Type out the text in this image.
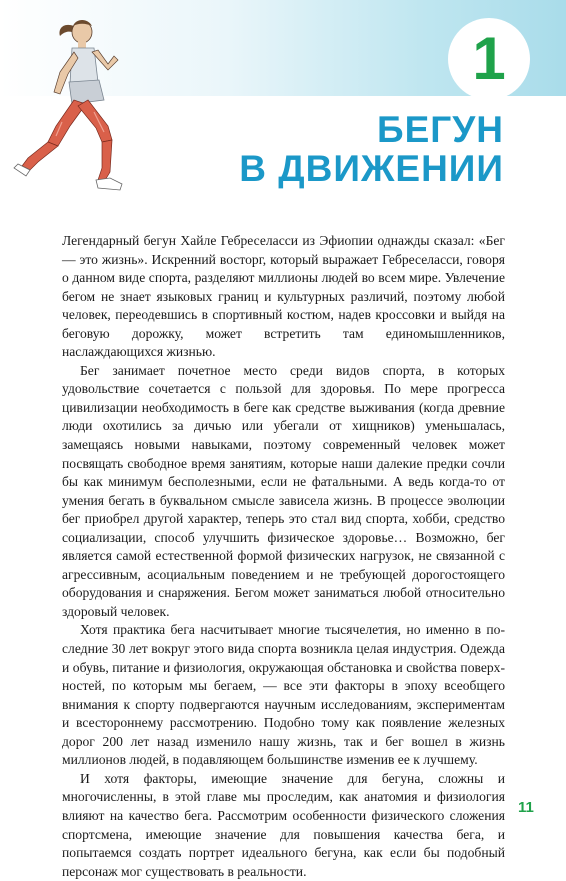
1
БЕГУН
В ДВИЖЕНИИ

Легендарный бегун Хайле Гебреселасси из Эфиопии однажды сказал: «Бег — это жизнь». Искренний восторг, который выражает Гебреселасси, говоря о данном виде спорта, разделяют миллионы людей во всем мире. Увлечение бегом не знает языковых границ и культурных различий, поэтому любой человек, переодевшись в спортивный костюм, надев кроссовки и выйдя на беговую дорожку, может встретить там единомышленников, наслаждающихся жизнью.

Бег занимает почетное место среди видов спорта, в которых удовольствие сочетается с пользой для здоровья. По мере прогресса цивилизации необходимость в беге как средстве выживания (когда древние люди охотились за дичью или убегали от хищников) уменьшалась, замещаясь новыми навыками, поэтому современный человек может посвящать свободное время занятиям, которые наши далекие предки сочли бы как минимум бесполезными, если не фатальными. А ведь когда-то от умения бегать в буквальном смысле зависела жизнь. В процессе эволюции бег приобрел другой характер, теперь это стал вид спорта, хобби, средство социализации, способ улучшить физическое здоровье… Возможно, бег является самой естественной формой физических нагрузок, не связанной с агрессивным, асоциальным поведением и не требующей дорогостоящего оборудования и снаряжения. Бегом может заниматься любой относительно здоровый человек.

Хотя практика бега насчитывает многие тысячелетия, но именно в последние 30 лет вокруг этого вида спорта возникла целая индустрия. Одежда и обувь, питание и физиология, окружающая обстановка и свойства поверхностей, по которым мы бегаем, — все эти факторы в эпоху всеобщего внимания к спорту подвергаются научным исследованиям, экспериментам и всестороннему рассмотрению. Подобно тому как появление железных дорог 200 лет назад изменило нашу жизнь, так и бег вошел в жизнь миллионов людей, в подавляющем большинстве изменив ее к лучшему.

И хотя факторы, имеющие значение для бегуна, сложны и многочисленны, в этой главе мы проследим, как анатомия и физиология влияют на качество бега. Рассмотрим особенности физического сложения спортсмена, имеющие значение для повышения качества бега, и попытаемся создать портрет идеального бегуна, как если бы подобный персонаж мог существовать в реальности.

11
